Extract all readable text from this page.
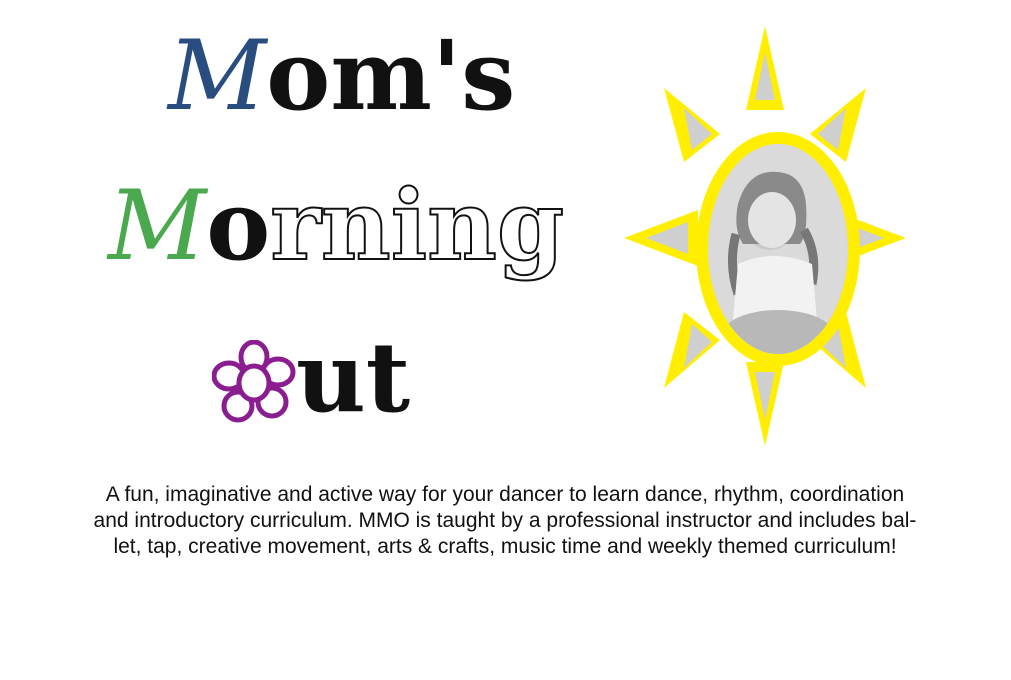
Mom's
Morning
ut

A fun, imaginative and active way for your dancer to learn dance, rhythm, coordination

and introductory curriculum. MMO is taught by a professional instructor and includes bal-

let, tap, creative movement, arts & crafts, music time and weekly themed curriculum!
